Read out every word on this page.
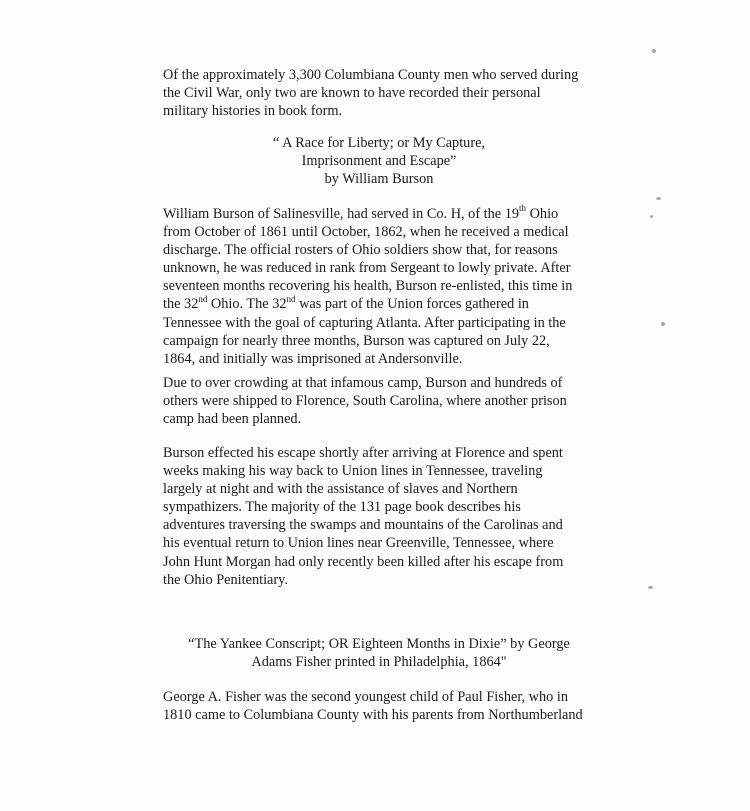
Of the approximately 3,300 Columbiana County men who served during
the Civil War, only two are known to have recorded their personal
military histories in book form.

“ A Race for Liberty; or My Capture,
Imprisonment and Escape”
by William Burson

William Burson of Salinesville, had served in Co. H, of the 19th Ohio
from October of 1861 until October, 1862, when he received a medical
discharge. The official rosters of Ohio soldiers show that, for reasons
unknown, he was reduced in rank from Sergeant to lowly private. After
seventeen months recovering his health, Burson re-enlisted, this time in
the 32nd Ohio. The 32nd was part of the Union forces gathered in
Tennessee with the goal of capturing Atlanta. After participating in the
campaign for nearly three months, Burson was captured on July 22,
1864, and initially was imprisoned at Andersonville.

Due to over crowding at that infamous camp, Burson and hundreds of
others were shipped to Florence, South Carolina, where another prison
camp had been planned.

Burson effected his escape shortly after arriving at Florence and spent
weeks making his way back to Union lines in Tennessee, traveling
largely at night and with the assistance of slaves and Northern
sympathizers. The majority of the 131 page book describes his
adventures traversing the swamps and mountains of the Carolinas and
his eventual return to Union lines near Greenville, Tennessee, where
John Hunt Morgan had only recently been killed after his escape from
the Ohio Penitentiary.

“The Yankee Conscript; OR Eighteen Months in Dixie” by George
Adams Fisher printed in Philadelphia, 1864"

George A. Fisher was the second youngest child of Paul Fisher, who in
1810 came to Columbiana County with his parents from Northumberland
